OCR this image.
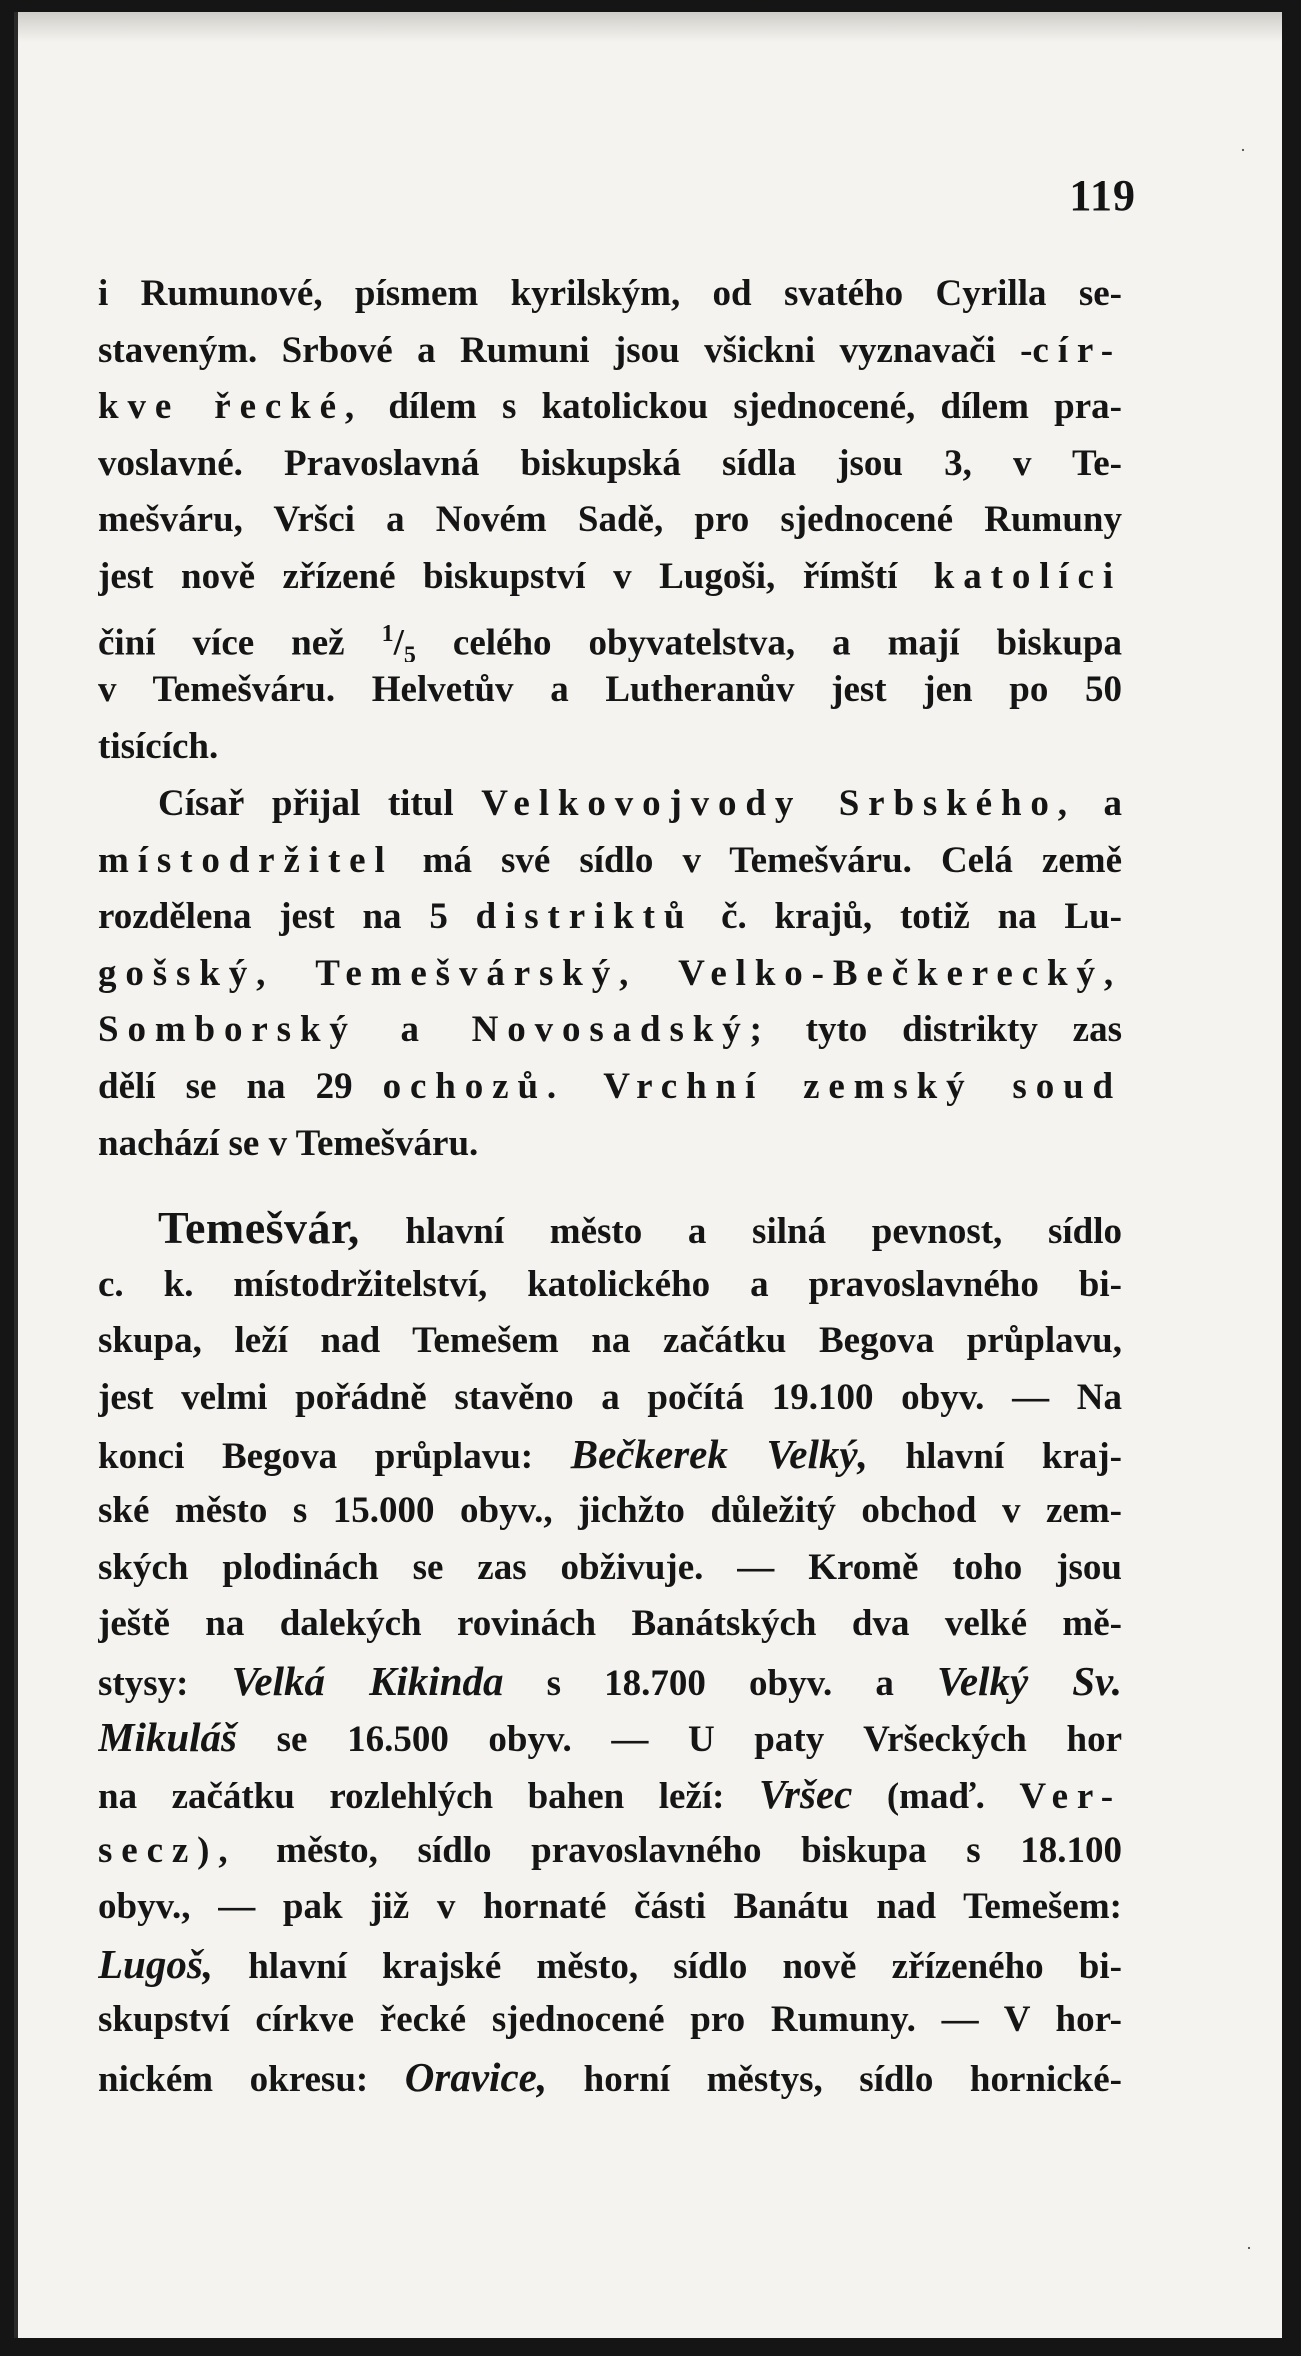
119
i Rumunové, písmem kyrilským, od svatého Cyrilla se-
staveným. Srbové a Rumuni jsou všickni vyznavači -cír-
kve řecké, dílem s katolickou sjednocené, dílem pra-
voslavné. Pravoslavná biskupská sídla jsou 3, v Te-
mešváru, Vršci a Novém Sadě, pro sjednocené Rumuny
jest nově zřízené biskupství v Lugoši, římští katolíci
činí více než $^1/_5$ celého obyvatelstva, a mají biskupa
v Temešváru. Helvetův a Lutheranův jest jen po 50
tisících.
Císař přijal titul Velkovojvody Srbského, a
místodržitel má své sídlo v Temešváru. Celá země
rozdělena jest na 5 distriktů č. krajů, totiž na Lu-
gošský, Temešvárský, Velko-Bečkerecký,
Somborský a Novosadský; tyto distrikty zas
dělí se na 29 ochozů. Vrchní zemský soud
nachází se v Temešváru.
Temešvár, hlavní město a silná pevnost, sídlo
c. k. místodržitelství, katolického a pravoslavného bi-
skupa, leží nad Temešem na začátku Begova průplavu,
jest velmi pořádně stavěno a počítá 19.100 obyv. — Na
konci Begova průplavu: Bečkerek Velký, hlavní kraj-
ské město s 15.000 obyv., jichžto důležitý obchod v zem-
ských plodinách se zas obživuje. — Kromě toho jsou
ještě na dalekých rovinách Banátských dva velké mě-
stysy: Velká Kikinda s 18.700 obyv. a Velký Sv.
Mikuláš se 16.500 obyv. — U paty Vršeckých hor
na začátku rozlehlých bahen leží: Vršec (maď. Ver-
secz), město, sídlo pravoslavného biskupa s 18.100
obyv., — pak již v hornaté části Banátu nad Temešem:
Lugoš, hlavní krajské město, sídlo nově zřízeného bi-
skupství církve řecké sjednocené pro Rumuny. — V hor-
nickém okresu: Oravice, horní městys, sídlo hornické-
·
·
